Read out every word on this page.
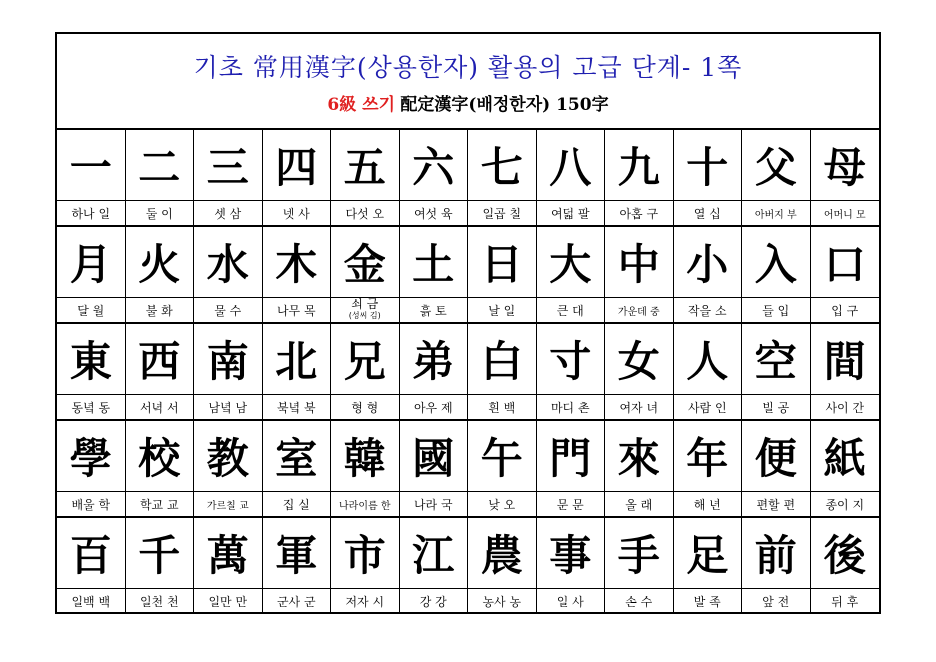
기초 常用漢字(상용한자) 활용의 고급 단계- 1쪽
6級 쓰기 配定漢字(배정한자) 150字
一
하나 일
二
둘 이
三
셋 삼
四
넷 사
五
다섯 오
六
여섯 육
七
일곱 칠
八
여덟 팔
九
아홉 구
十
열 십
父
아버지 부
母
어머니 모
月
달 월
火
불 화
水
물 수
木
나무 목
金
쇠 금
(성씨 김)
土
흙 토
日
날 일
大
큰 대
中
가운데 중
小
작을 소
入
들 입
口
입 구
東
동녘 동
西
서녁 서
南
남녘 남
北
북녘 북
兄
형 형
弟
아우 제
白
흰 백
寸
마디 촌
女
여자 녀
人
사람 인
空
빌 공
間
사이 간
學
배울 학
校
학교 교
教
가르칠 교
室
집 실
韓
나라이름 한
國
나라 국
午
낮 오
門
문 문
來
올 래
年
해 년
便
편할 편
紙
종이 지
百
일백 백
千
일천 천
萬
일만 만
軍
군사 군
市
저자 시
江
강 강
農
농사 농
事
일 사
手
손 수
足
발 족
前
앞 전
後
뒤 후
